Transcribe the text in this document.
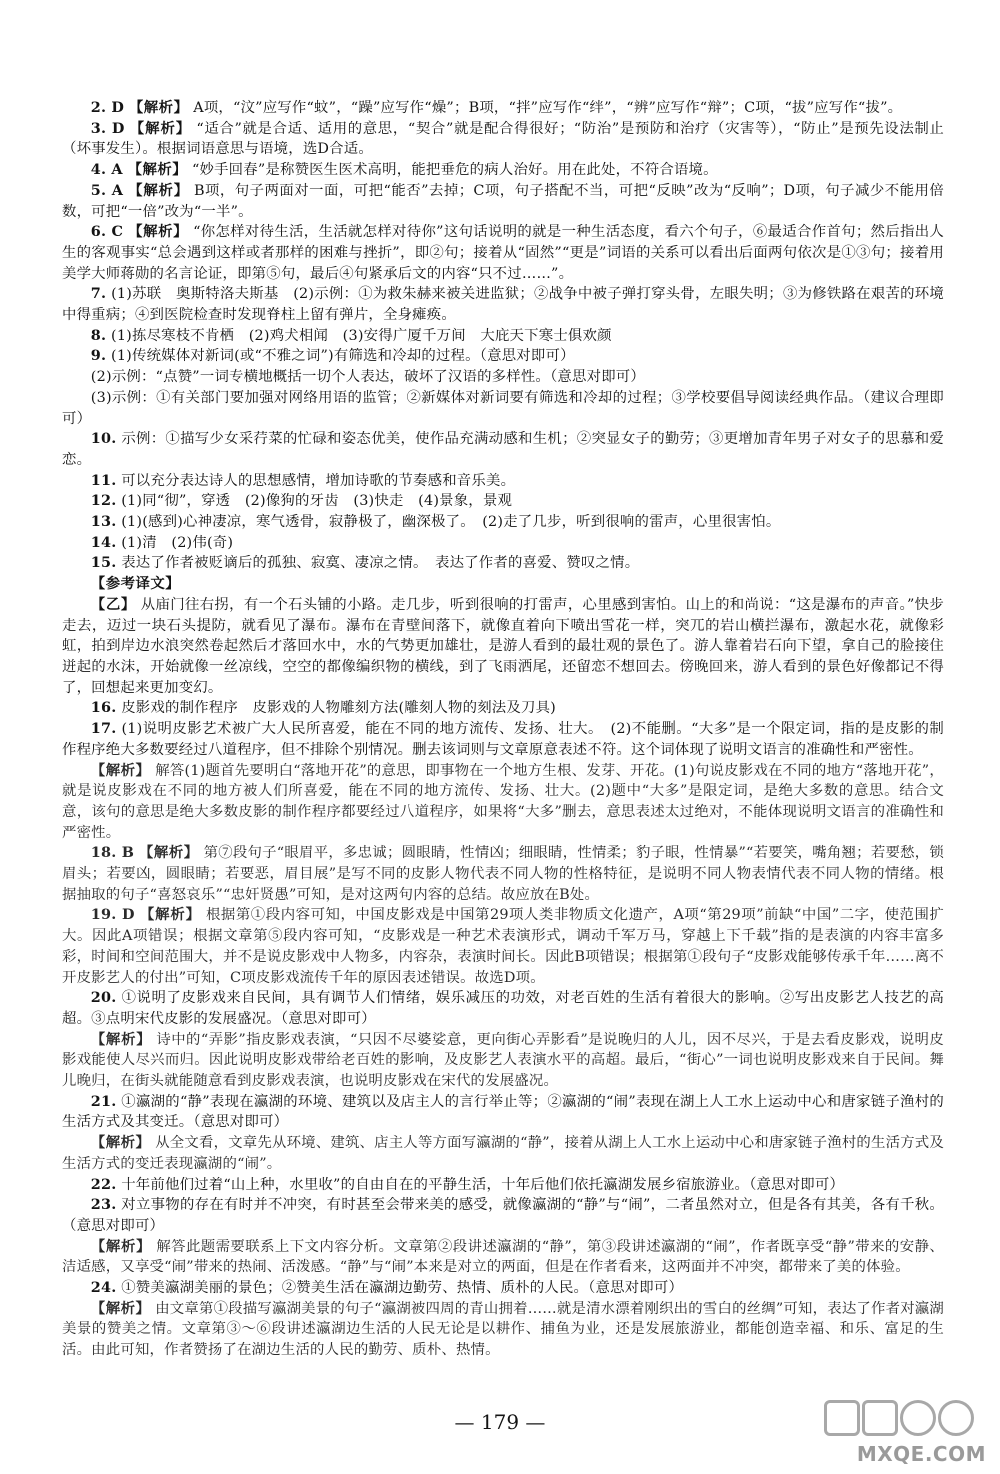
2. D 【解析】 A项，“汶”应写作“蚊”，“躁”应写作“燥”；B项，“拌”应写作“绊”，“辨”应写作“辩”；C项，“拔”应写作“拔”。

3. D 【解析】 “适合”就是合适、适用的意思，“契合”就是配合得很好；“防治”是预防和治疗（灾害等），“防止”是预先设法制止（坏事发生）。根据词语意思与语境，选D合适。

4. A 【解析】 “妙手回春”是称赞医生医术高明，能把垂危的病人治好。用在此处，不符合语境。

5. A 【解析】 B项，句子两面对一面，可把“能否”去掉；C项，句子搭配不当，可把“反映”改为“反响”；D项，句子减少不能用倍数，可把“一倍”改为“一半”。

6. C 【解析】 “你怎样对待生活，生活就怎样对待你”这句话说明的就是一种生活态度，看六个句子，⑥最适合作首句；然后指出人生的客观事实“总会遇到这样或者那样的困难与挫折”，即②句；接着从“固然”“更是”词语的关系可以看出后面两句依次是①③句；接着用美学大师蒋勋的名言论证，即第⑤句，最后④句紧承后文的内容“只不过……”。

7. (1)苏联　奥斯特洛夫斯基　(2)示例：①为救朱赫来被关进监狱；②战争中被子弹打穿头骨，左眼失明；③为修铁路在艰苦的环境中得重病；④到医院检查时发现脊柱上留有弹片，全身瘫痪。

8. (1)拣尽寒枝不肯栖　(2)鸡犬相闻　(3)安得广厦千万间　大庇天下寒士俱欢颜

9. (1)传统媒体对新词(或“不雅之词”)有筛选和冷却的过程。（意思对即可）

(2)示例：“点赞”一词专横地概括一切个人表达，破坏了汉语的多样性。（意思对即可）

(3)示例：①有关部门要加强对网络用语的监管；②新媒体对新词要有筛选和冷却的过程；③学校要倡导阅读经典作品。（建议合理即可）

10. 示例：①描写少女采荇菜的忙碌和姿态优美，使作品充满动感和生机；②突显女子的勤劳；③更增加青年男子对女子的思慕和爱恋。

11. 可以充分表达诗人的思想感情，增加诗歌的节奏感和音乐美。

12. (1)同“彻”，穿透　(2)像狗的牙齿　(3)快走　(4)景象，景观

13. (1)(感到)心神凄凉，寒气透骨，寂静极了，幽深极了。　(2)走了几步，听到很响的雷声，心里很害怕。

14. (1)清　(2)伟(奇)

15. 表达了作者被贬谪后的孤独、寂寞、凄凉之情。　表达了作者的喜爱、赞叹之情。

【参考译文】

【乙】 从庙门往右拐，有一个石头铺的小路。走几步，听到很响的打雷声，心里感到害怕。山上的和尚说：“这是瀑布的声音。”快步走去，迈过一块石头提防，就看见了瀑布。瀑布在青壁间落下，就像直着向下喷出雪花一样，突兀的岩山横拦瀑布，激起水花，就像彩虹，拍到岸边水浪突然卷起然后才落回水中，水的气势更加雄壮，是游人看到的最壮观的景色了。游人靠着岩石向下望，拿自己的脸接住迸起的水沫，开始就像一丝凉线，空空的都像编织物的横线，到了飞雨洒尾，还留恋不想回去。傍晚回来，游人看到的景色好像都记不得了，回想起来更加变幻。

16. 皮影戏的制作程序　皮影戏的人物雕刻方法(雕刻人物的刻法及刀具)

17. (1)说明皮影艺术被广大人民所喜爱，能在不同的地方流传、发扬、壮大。　(2)不能删。“大多”是一个限定词，指的是皮影的制作程序绝大多数要经过八道程序，但不排除个别情况。删去该词则与文章原意表述不符。这个词体现了说明文语言的准确性和严密性。

【解析】 解答(1)题首先要明白“落地开花”的意思，即事物在一个地方生根、发芽、开花。(1)句说皮影戏在不同的地方“落地开花”，就是说皮影戏在不同的地方被人们所喜爱，能在不同的地方流传、发扬、壮大。(2)题中“大多”是限定词，是绝大多数的意思。结合文意，该句的意思是绝大多数皮影的制作程序都要经过八道程序，如果将“大多”删去，意思表述太过绝对，不能体现说明文语言的准确性和严密性。

18. B 【解析】 第⑦段句子“眼眉平，多忠诚；圆眼睛，性情凶；细眼睛，性情柔；豹子眼，性情暴”“若要笑，嘴角翘；若要愁，锁眉头；若要凶，圆眼睛；若要恶，眉目展”是写不同的皮影人物代表不同人物的性格特征，是说明不同人物表情代表不同人物的情绪。根据抽取的句子“喜怒哀乐”“忠奸贤愚”可知，是对这两句内容的总结。故应放在B处。

19. D 【解析】 根据第①段内容可知，中国皮影戏是中国第29项人类非物质文化遗产，A项“第29项”前缺“中国”二字，使范围扩大。因此A项错误；根据文章第⑤段内容可知，“皮影戏是一种艺术表演形式，调动千军万马，穿越上下千载”指的是表演的内容丰富多彩，时间和空间范围大，并不是说皮影戏中人物多，内容杂，表演时间长。因此B项错误；根据第①段句子“皮影戏能够传承千年……离不开皮影艺人的付出”可知，C项皮影戏流传千年的原因表述错误。故选D项。

20. ①说明了皮影戏来自民间，具有调节人们情绪，娱乐减压的功效，对老百姓的生活有着很大的影响。②写出皮影艺人技艺的高超。③点明宋代皮影的发展盛况。（意思对即可）

【解析】 诗中的“弄影”指皮影戏表演，“只因不尽婆娑意，更向街心弄影看”是说晚归的人儿，因不尽兴，于是去看皮影戏，说明皮影戏能使人尽兴而归。因此说明皮影戏带给老百姓的影响，及皮影艺人表演水平的高超。最后，“街心”一词也说明皮影戏来自于民间。舞儿晚归，在街头就能随意看到皮影戏表演，也说明皮影戏在宋代的发展盛况。

21. ①瀛湖的“静”表现在瀛湖的环境、建筑以及店主人的言行举止等；②瀛湖的“闹”表现在湖上人工水上运动中心和唐家链子渔村的生活方式及其变迁。（意思对即可）

【解析】 从全文看，文章先从环境、建筑、店主人等方面写瀛湖的“静”，接着从湖上人工水上运动中心和唐家链子渔村的生活方式及生活方式的变迁表现瀛湖的“闹”。

22. 十年前他们过着“山上种，水里收”的自由自在的平静生活，十年后他们依托瀛湖发展乡宿旅游业。（意思对即可）

23. 对立事物的存在有时并不冲突，有时甚至会带来美的感受，就像瀛湖的“静”与“闹”，二者虽然对立，但是各有其美，各有千秋。（意思对即可）

【解析】 解答此题需要联系上下文内容分析。文章第②段讲述瀛湖的“静”，第③段讲述瀛湖的“闹”，作者既享受“静”带来的安静、洁适感，又享受“闹”带来的热闹、活泼感。“静”与“闹”本来是对立的两面，但是在作者看来，这两面并不冲突，都带来了美的体验。

24. ①赞美瀛湖美丽的景色；②赞美生活在瀛湖边勤劳、热情、质朴的人民。（意思对即可）

【解析】 由文章第①段描写瀛湖美景的句子“瀛湖被四周的青山拥着……就是清水漂着刚织出的雪白的丝绸”可知，表达了作者对瀛湖美景的赞美之情。文章第③～⑥段讲述瀛湖边生活的人民无论是以耕作、捕鱼为业，还是发展旅游业，都能创造幸福、和乐、富足的生活。由此可知，作者赞扬了在湖边生活的人民的勤劳、质朴、热情。

— 179 —
MXQE.COM
